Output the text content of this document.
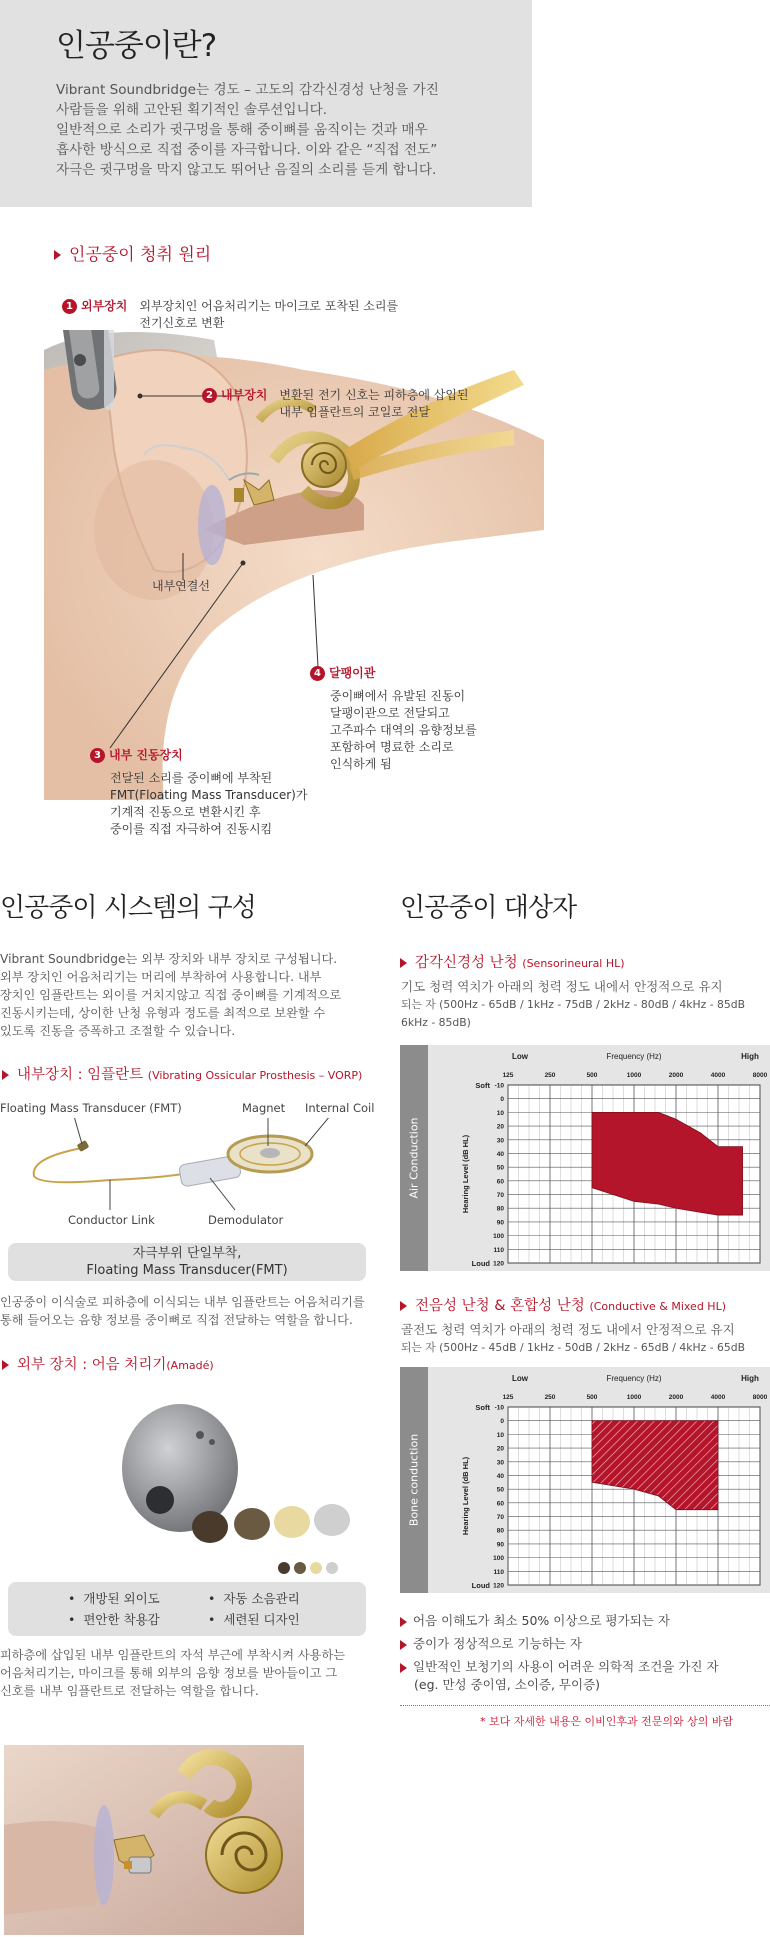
인공중이란?
Vibrant Soundbridge는 경도 – 고도의 감각신경성 난청을 가진
사람들을 위해 고안된 획기적인 솔루션입니다.
일반적으로 소리가 귓구멍을 통해 중이뼈를 움직이는 것과 매우
흡사한 방식으로 직접 중이를 자극합니다. 이와 같은 “직접 전도”
자극은 귓구멍을 막지 않고도 뛰어난 음질의 소리를 듣게 합니다.
인공중이 청취 원리
1 외부장치 외부장치인 어음처리기는 마이크로 포착된 소리를
전기신호로 변환
2 내부장치 변환된 전기 신호는 피하층에 삽입된
내부 임플란트의 코일로 전달
내부연결선
4 달팽이관
중이뼈에서 유발된 진동이
달팽이관으로 전달되고
고주파수 대역의 음향정보를
포함하여 명료한 소리로
인식하게 됨
3 내부 진동장치
전달된 소리를 중이뼈에 부착된
FMT(Floating Mass Transducer)가
기계적 진동으로 변환시킨 후
중이를 직접 자극하여 진동시킴
인공중이 시스템의 구성
Vibrant Soundbridge는 외부 장치와 내부 장치로 구성됩니다.
외부 장치인 어음처리기는 머리에 부착하여 사용합니다. 내부
장치인 임플란트는 외이를 거치지않고 직접 중이뼈를 기계적으로
진동시키는데, 상이한 난청 유형과 정도를 최적으로 보완할 수
있도록 진동을 증폭하고 조절할 수 있습니다.
내부장치 : 임플란트 (Vibrating Ossicular Prosthesis – VORP)
Floating Mass Transducer (FMT)	Magnet Internal Coil
Conductor Link	Demodulator
자극부위 단일부착,
Floating Mass Transducer(FMT)
인공중이 이식술로 피하층에 이식되는 내부 임플란트는 어음처리기를
통해 들어오는 음향 정보를 중이뼈로 직접 전달하는 역할을 합니다.
외부 장치 : 어음 처리기(Amadé)
•  개방된 외이도	•  자동 소음관리
•  편안한 착용감	•  세련된 디자인
피하층에 삽입된 내부 임플란트의 자석 부근에 부착시켜 사용하는
어음처리기는, 마이크를 통해 외부의 음향 정보를 받아들이고 그
신호를 내부 임플란트로 전달하는 역할을 합니다.
인공중이 대상자
감각신경성 난청 (Sensorineural HL)
기도 청력 역치가 아래의 청력 정도 내에서 안정적으로 유지
되는 자 (500Hz - 65dB / 1kHz - 75dB / 2kHz - 80dB / 4kHz - 85dB
6kHz - 85dB)
Air Conduction
Low	Frequency (Hz)	High
125	250	500	1000	2000	4000	8000
-10
0
10
20
30
40
50
60
70
80
90
100
110
120
Soft
Loud
Hearing Level (dB HL)
전음성 난청 & 혼합성 난청 (Conductive & Mixed HL)
골전도 청력 역치가 아래의 청력 정도 내에서 안정적으로 유지
되는 자 (500Hz - 45dB / 1kHz - 50dB / 2kHz - 65dB / 4kHz - 65dB
Bone conduction
Low	Frequency (Hz)	High
125	250	500	1000	2000	4000	8000
-10
0
10
20
30
40
50
60
70
80
90
100
110
120
Soft
Loud
Hearing Level (dB HL)
어음 이해도가 최소 50% 이상으로 평가되는 자
중이가 정상적으로 기능하는 자
일반적인 보청기의 사용이 어려운 의학적 조건을 가진 자
(eg. 만성 중이염, 소이증, 무이증)
* 보다 자세한 내용은 이비인후과 전문의와 상의 바람
